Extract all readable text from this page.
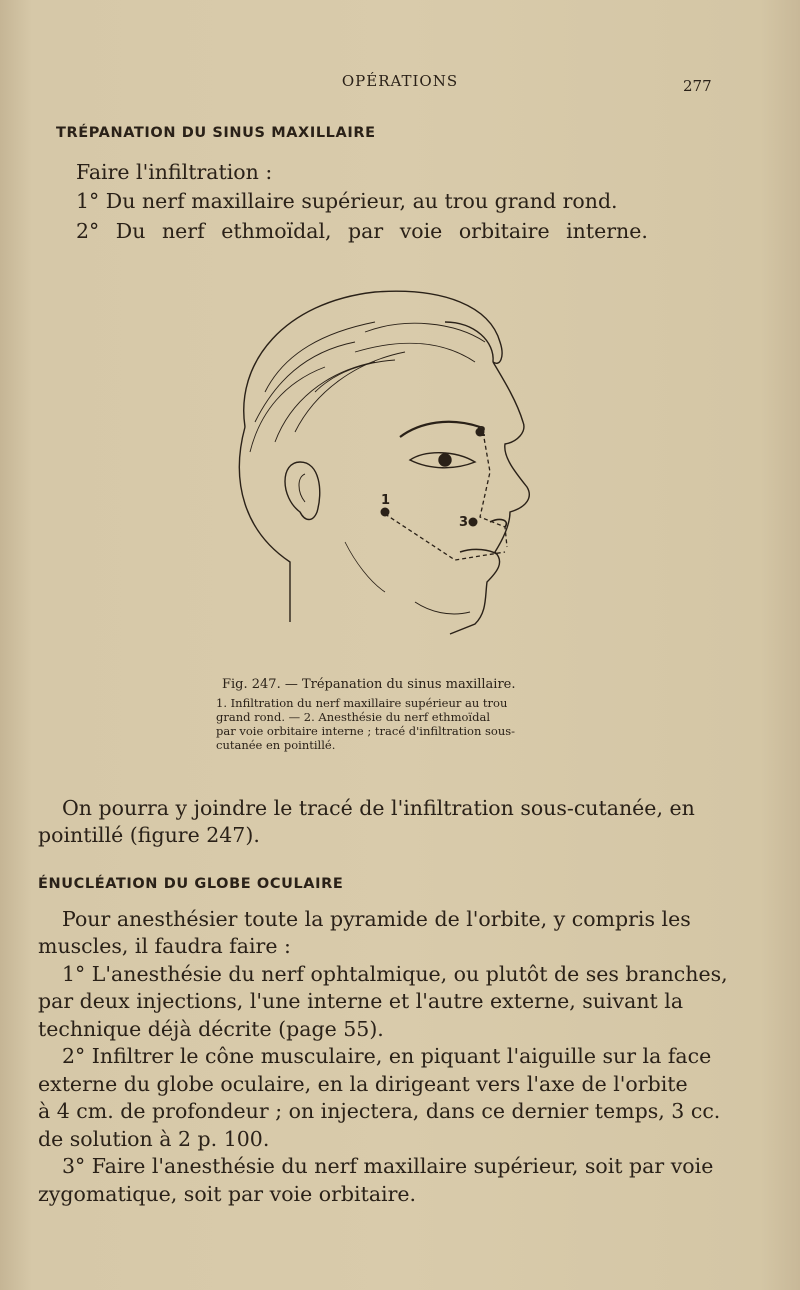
OPÉRATIONS	277
TRÉPANATION DU SINUS MAXILLAIRE
Faire l'infiltration :
1° Du nerf maxillaire supérieur, au trou grand rond.
2° Du nerf ethmoïdal, par voie orbitaire interne.
1
2
3
Fig. 247. — Trépanation du sinus maxillaire.
1. Infiltration du nerf maxillaire supérieur au trou
grand rond. — 2. Anesthésie du nerf ethmoïdal
par voie orbitaire interne ; tracé d'infiltration sous-
cutanée en pointillé.
On pourra y joindre le tracé de l'infiltration sous-cutanée, en
pointillé (figure 247).
ÉNUCLÉATION DU GLOBE OCULAIRE
Pour anesthésier toute la pyramide de l'orbite, y compris les
muscles, il faudra faire :
1° L'anesthésie du nerf ophtalmique, ou plutôt de ses branches,
par deux injections, l'une interne et l'autre externe, suivant la
technique déjà décrite (page 55).
2° Infiltrer le cône musculaire, en piquant l'aiguille sur la face
externe du globe oculaire, en la dirigeant vers l'axe de l'orbite
à 4 cm. de profondeur ; on injectera, dans ce dernier temps, 3 cc.
de solution à 2 p. 100.
3° Faire l'anesthésie du nerf maxillaire supérieur, soit par voie
zygomatique, soit par voie orbitaire.
